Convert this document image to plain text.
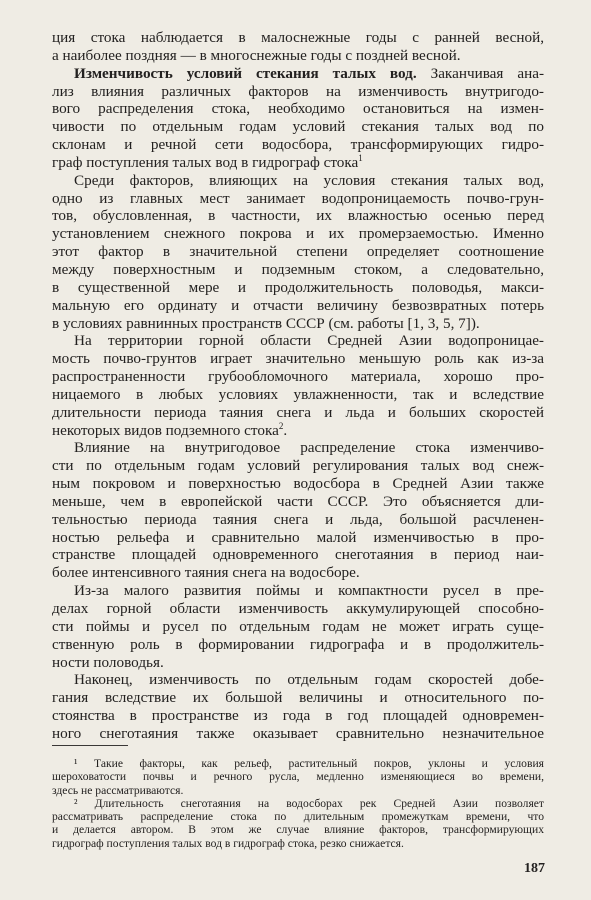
ция стока наблюдается в малоснежные годы с ранней весной,
а наиболее поздняя — в многоснежные годы с поздней весной.

Изменчивость условий стекания талых вод. Заканчивая ана-
лиз влияния различных факторов на изменчивость внутригодо-
вого распределения стока, необходимо остановиться на измен-
чивости по отдельным годам условий стекания талых вод по
склонам и речной сети водосбора, трансформирующих гидро-
граф поступления талых вод в гидрограф стока$^1$

Среди факторов, влияющих на условия стекания талых вод,
одно из главных мест занимает водопроницаемость почво-грун-
тов, обусловленная, в частности, их влажностью осенью перед
установлением снежного покрова и их промерзаемостью. Именно
этот фактор в значительной степени определяет соотношение
между поверхностным и подземным стоком, а следовательно,
в существенной мере и продолжительность половодья, макси-
мальную его ординату и отчасти величину безвозвратных потерь
в условиях равнинных пространств СССР (см. работы [1, 3, 5, 7]).

На территории горной области Средней Азии водопроницае-
мость почво-грунтов играет значительно меньшую роль как из-за
распространенности грубообломочного материала, хорошо про-
ницаемого в любых условиях увлажненности, так и вследствие
длительности периода таяния снега и льда и больших скоростей
некоторых видов подземного стока$^2$.

Влияние на внутригодовое распределение стока изменчиво-
сти по отдельным годам условий регулирования талых вод снеж-
ным покровом и поверхностью водосбора в Средней Азии также
меньше, чем в европейской части СССР. Это объясняется дли-
тельностью периода таяния снега и льда, большой расчленен-
ностью рельефа и сравнительно малой изменчивостью в про-
странстве площадей одновременного снеготаяния в период наи-
более интенсивного таяния снега на водосборе.

Из-за малого развития поймы и компактности русел в пре-
делах горной области изменчивость аккумулирующей способно-
сти поймы и русел по отдельным годам не может играть суще-
ственную роль в формировании гидрографа и в продолжитель-
ности половодья.

Наконец, изменчивость по отдельным годам скоростей добе-
гания вследствие их большой величины и относительного по-
стоянства в пространстве из года в год площадей одновремен-
ного снеготаяния также оказывает сравнительно незначительное

¹ Такие факторы, как рельеф, растительный покров, уклоны и условия
шероховатости почвы и речного русла, медленно изменяющиеся во времени,
здесь не рассматриваются.

² Длительность снеготаяния на водосборах рек Средней Азии позволяет
рассматривать распределение стока по длительным промежуткам времени, что
и делается автором. В этом же случае влияние факторов, трансформирующих
гидрограф поступления талых вод в гидрограф стока, резко снижается.

187
